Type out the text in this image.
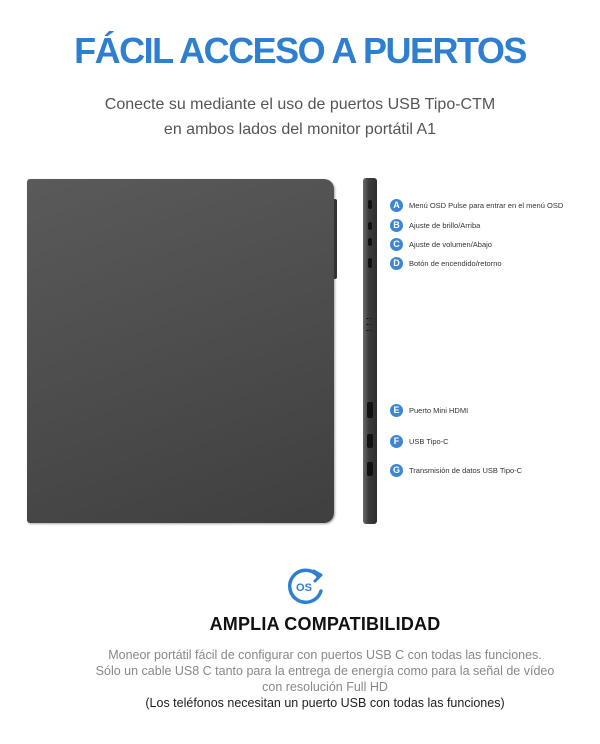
FÁCIL ACCESO A PUERTOS
Conecte su mediante el uso de puertos USB Tipo-CTM en ambos lados del monitor portátil A1
A	Menú OSD Pulse para entrar en el menú OSD
B	Ajuste de brillo/Arriba
C	Ajuste de volumen/Abajo
D	Botón de encendido/retorno
E	Puerto Mini HDMI
F	USB Tipo-C
G	Transmisión de datos USB Tipo-C
OS
AMPLIA COMPATIBILIDAD
Moneor portátil fácil de configurar con puertos USB C con todas las funciones.
Sólo un cable US8 C tanto para la entrega de energía como para la señal de vídeo
con resolución Full HD
(Los teléfonos necesitan un puerto USB con todas las funciones)
